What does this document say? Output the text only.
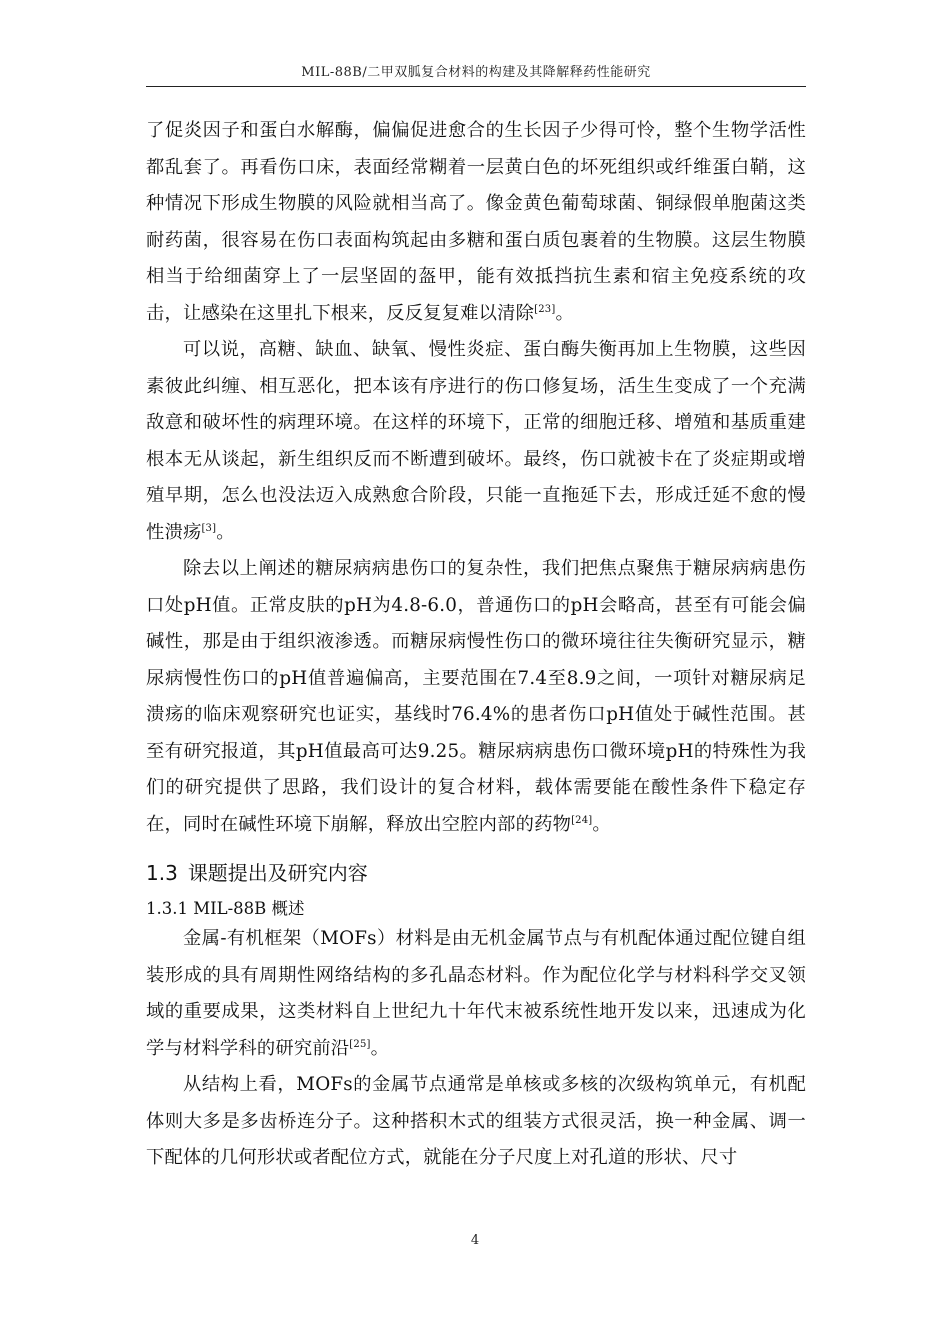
MIL-88B/二甲双胍复合材料的构建及其降解释药性能研究

了促炎因子和蛋白水解酶，偏偏促进愈合的生长因子少得可怜，整个生物学活性都乱套了。再看伤口床，表面经常糊着一层黄白色的坏死组织或纤维蛋白鞘，这种情况下形成生物膜的风险就相当高了。像金黄色葡萄球菌、铜绿假单胞菌这类耐药菌，很容易在伤口表面构筑起由多糖和蛋白质包裹着的生物膜。这层生物膜相当于给细菌穿上了一层坚固的盔甲，能有效抵挡抗生素和宿主免疫系统的攻击，让感染在这里扎下根来，反反复复难以清除[23]。

可以说，高糖、缺血、缺氧、慢性炎症、蛋白酶失衡再加上生物膜，这些因素彼此纠缠、相互恶化，把本该有序进行的伤口修复场，活生生变成了一个充满敌意和破坏性的病理环境。在这样的环境下，正常的细胞迁移、增殖和基质重建根本无从谈起，新生组织反而不断遭到破坏。最终，伤口就被卡在了炎症期或增殖早期，怎么也没法迈入成熟愈合阶段，只能一直拖延下去，形成迁延不愈的慢性溃疡[3]。

除去以上阐述的糖尿病病患伤口的复杂性，我们把焦点聚焦于糖尿病病患伤口处pH值。正常皮肤的pH为4.8-6.0，普通伤口的pH会略高，甚至有可能会偏碱性，那是由于组织液渗透。而糖尿病慢性伤口的微环境往往失衡研究显示，糖尿病慢性伤口的pH值普遍偏高，主要范围在7.4至8.9之间，一项针对糖尿病足溃疡的临床观察研究也证实，基线时76.4%的患者伤口pH值处于碱性范围。甚至有研究报道，其pH值最高可达9.25。糖尿病病患伤口微环境pH的特殊性为我们的研究提供了思路，我们设计的复合材料，载体需要能在酸性条件下稳定存在，同时在碱性环境下崩解，释放出空腔内部的药物[24]。

1.3 课题提出及研究内容
1.3.1 MIL-88B 概述

金属-有机框架（MOFs）材料是由无机金属节点与有机配体通过配位键自组装形成的具有周期性网络结构的多孔晶态材料。作为配位化学与材料科学交叉领域的重要成果，这类材料自上世纪九十年代末被系统性地开发以来，迅速成为化学与材料学科的研究前沿[25]。

从结构上看，MOFs的金属节点通常是单核或多核的次级构筑单元，有机配体则大多是多齿桥连分子。这种搭积木式的组装方式很灵活，换一种金属、调一下配体的几何形状或者配位方式，就能在分子尺度上对孔道的形状、尺寸

4
